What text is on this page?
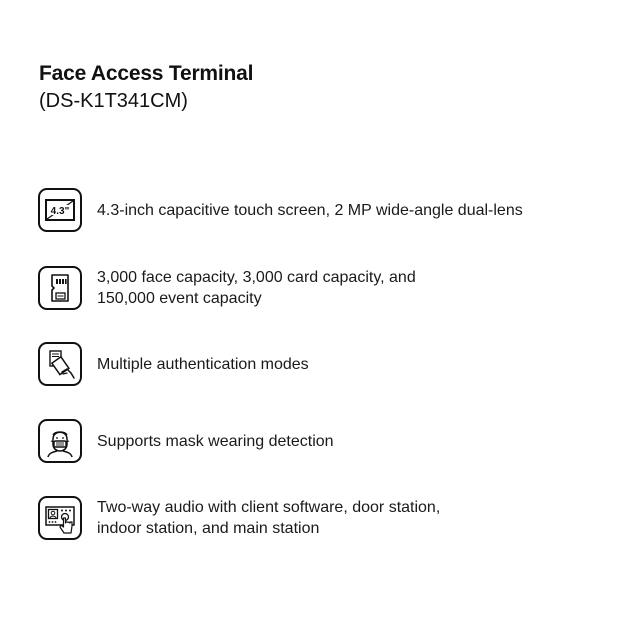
Face Access Terminal
(DS-K1T341CM)
4.3" 4.3-inch capacitive touch screen, 2 MP wide-angle dual-lens
3,000 face capacity, 3,000 card capacity, and
150,000 event capacity
Multiple authentication modes
Supports mask wearing detection
Two-way audio with client software, door station,
indoor station, and main station
